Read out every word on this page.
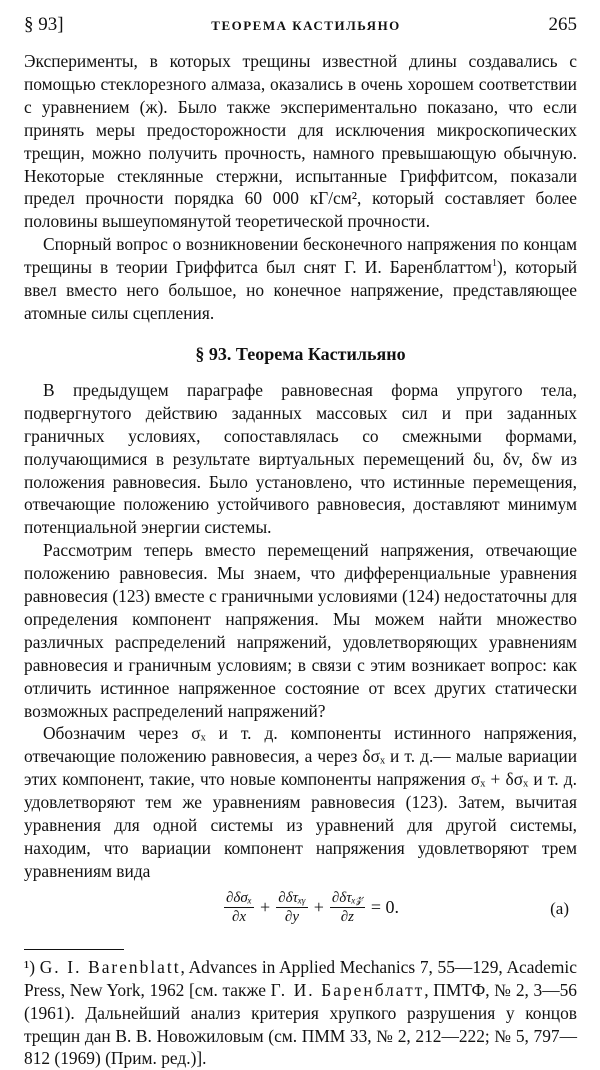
§ 93]	ТЕОРЕМА КАСТИЛЬЯНО	265

Эксперименты, в которых трещины известной длины создавались с помощью стеклорезного алмаза, оказались в очень хорошем соответствии с уравнением (ж). Было также экспериментально показано, что если принять меры предосторожности для исключения микроскопических трещин, можно получить прочность, намного превышающую обычную. Некоторые стеклянные стержни, испытанные Гриффитсом, показали предел прочности порядка 60 000 кГ/см², который составляет более половины вышеупомянутой теоретической прочности.

Спорный вопрос о возникновении бесконечного напряжения по концам трещины в теории Гриффитса был снят Г. И. Баренблаттом$^1$), который ввел вместо него большое, но конечное напряжение, представляющее атомные силы сцепления.

§ 93. Теорема Кастильяно

В предыдущем параграфе равновесная форма упругого тела, подвергнутого действию заданных массовых сил и при заданных граничных условиях, сопоставлялась со смежными формами, получающимися в результате виртуальных перемещений δu, δv, δw из положения равновесия. Было установлено, что истинные перемещения, отвечающие положению устойчивого равновесия, доставляют минимум потенциальной энергии системы.

Рассмотрим теперь вместо перемещений напряжения, отвечающие положению равновесия. Мы знаем, что дифференциальные уравнения равновесия (123) вместе с граничными условиями (124) недостаточны для определения компонент напряжения. Мы можем найти множество различных распределений напряжений, удовлетворяющих уравнениям равновесия и граничным условиям; в связи с этим возникает вопрос: как отличить истинное напряженное состояние от всех других статически возможных распределений напряжений?

Обозначим через σₓ и т. д. компоненты истинного напряжения, отвечающие положению равновесия, а через δσₓ и т. д.— малые вариации этих компонент, такие, что новые компоненты напряжения σₓ + δσₓ и т. д. удовлетворяют тем же уравнениям равновесия (123). Затем, вычитая уравнения для одной системы из уравнений для другой системы, находим, что вариации компонент напряжения удовлетворяют трем уравнениям вида

$\frac{\text{∂δσₓ}}{\partial x} + \frac{\text{∂δτₓᵧ}}{\partial y} + \frac{\text{∂δτₓ𝓏}}{\partial z} = 0$.	(а)

¹) G. I. Barenblatt, Advances in Applied Mechanics 7, 55—129, Academic Press, New York, 1962 [см. также Г. И. Баренблатт, ПМТФ, № 2, 3—56 (1961). Дальнейший анализ критерия хрупкого разрушения у концов трещин дан В. В. Новожиловым (см. ПММ 33, № 2, 212—222; № 5, 797—812 (1969) (Прим. ред.)].
